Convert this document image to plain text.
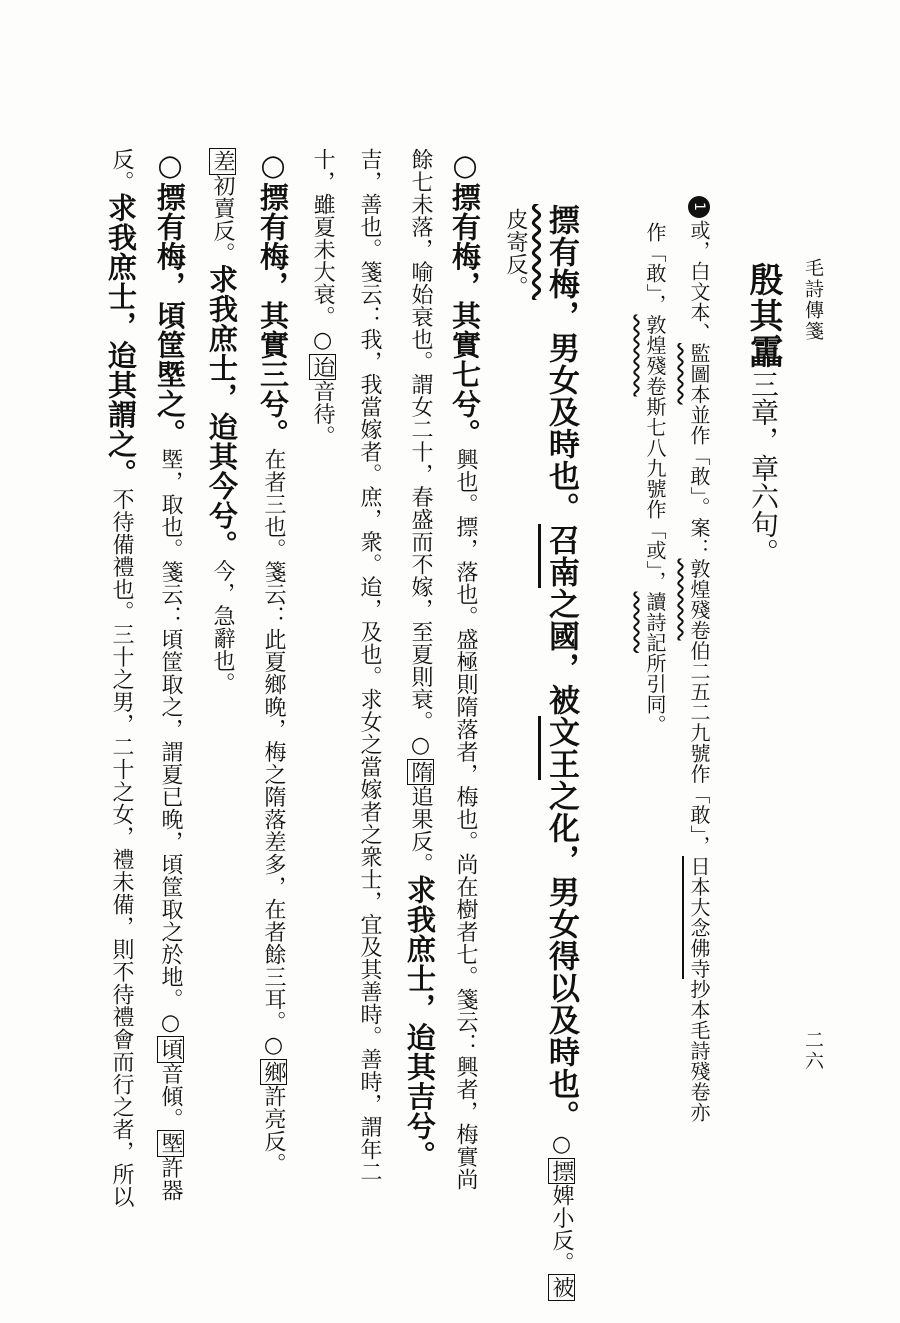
毛詩傳箋
二六
殷其靁三章，章六句。
1或，白文本、監圖本並作「敢」。案：敦煌殘卷伯二五二九號作「敢」，日本大念佛寺抄本毛詩殘卷亦
作「敢」，敦煌殘卷斯七八九號作「或」，讀詩記所引同。
摽有梅，男女及時也。召南之國，被文王之化，男女得以及時也。○摽婢小反。被
皮寄反。
○摽有梅，其實七兮。興也。摽，落也。盛極則隋落者，梅也。尚在樹者七。箋云：興者，梅實尚
餘七未落，喻始衰也。謂女二十，春盛而不嫁，至夏則衰。○隋追果反。求我庶士，迨其吉兮。
吉，善也。箋云：我，我當嫁者。庶，衆。迨，及也。求女之當嫁者之衆士，宜及其善時。善時，謂年二
十，雖夏未大衰。○迨音待。
○摽有梅，其實三兮。在者三也。箋云：此夏鄉晚，梅之隋落差多，在者餘三耳。○鄉許亮反。
差初賣反。求我庶士，迨其今兮。今，急辭也。
○摽有梅，頃筐塈之。塈，取也。箋云：頃筐取之，謂夏已晚，頃筐取之於地。○頃音傾。塈許器
反。求我庶士，迨其謂之。不待備禮也。三十之男，二十之女，禮未備，則不待禮會而行之者，所以
